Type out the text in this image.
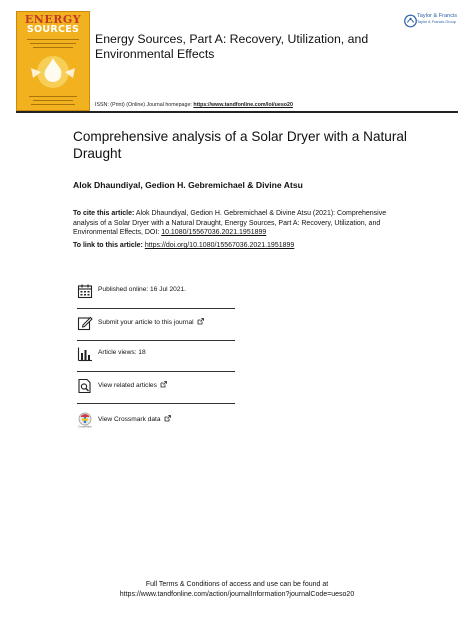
ENERGY
SOURCES
Energy Sources, Part A: Recovery, Utilization, and Environmental Effects
ISSN: (Print) (Online) Journal homepage: https://www.tandfonline.com/loi/ueso20
Taylor & Francis
Taylor & Francis Group
Comprehensive analysis of a Solar Dryer with a Natural Draught
Alok Dhaundiyal, Gedion H. Gebremichael & Divine Atsu
To cite this article: Alok Dhaundiyal, Gedion H. Gebremichael & Divine Atsu (2021): Comprehensive analysis of a Solar Dryer with a Natural Draught, Energy Sources, Part A: Recovery, Utilization, and Environmental Effects, DOI: 10.1080/15567036.2021.1951899
To link to this article: https://doi.org/10.1080/15567036.2021.1951899
Published online: 16 Jul 2021.
Submit your article to this journal
Article views: 18
View related articles
CrossMark
View Crossmark data
Full Terms & Conditions of access and use can be found at
https://www.tandfonline.com/action/journalInformation?journalCode=ueso20
